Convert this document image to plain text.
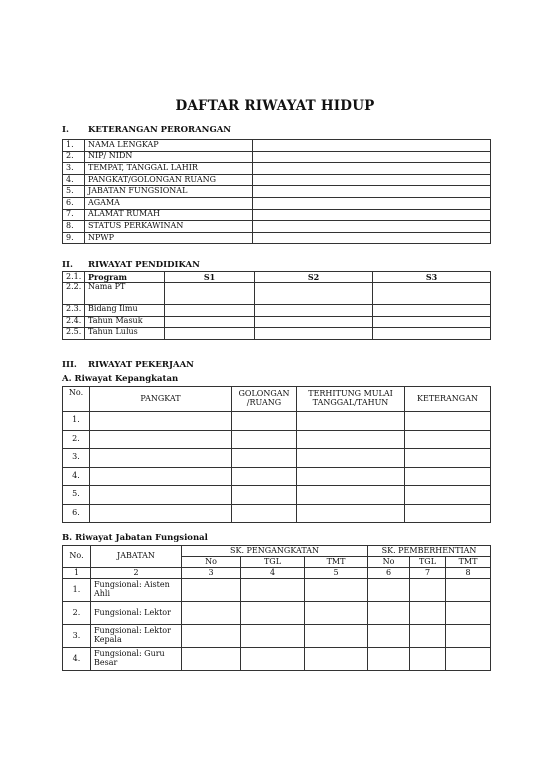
DAFTAR RIWAYAT HIDUP
I. KETERANGAN PERORANGAN
1.	NAMA LENGKAP	
2.	NIP/ NIDN	
3.	TEMPAT, TANGGAL LAHIR	
4.	PANGKAT/GOLONGAN RUANG	
5.	JABATAN FUNGSIONAL	
6.	AGAMA	
7.	ALAMAT RUMAH	
8.	STATUS PERKAWINAN	
9.	NPWP	
II. RIWAYAT PENDIDIKAN
2.1.	Program	S1	S2	S3
2.2.	Nama PT			
2.3.	Bidang Ilmu			
2.4.	Tahun Masuk			
2.5.	Tahun Lulus			
III. RIWAYAT PEKERJAAN
A. Riwayat Kepangkatan
No.	PANGKAT	GOLONGAN /RUANG	TERHITUNG MULAI TANGGAL/TAHUN	KETERANGAN
1.				
2.				
3.				
4.				
5.				
6.				
B. Riwayat Jabatan Fungsional
No.	JABATAN	SK. PENGANGKATAN			SK. PEMBERHENTIAN		
		No	TGL	TMT	No	TGL	TMT
1	2	3	4	5	6	7	8
1.	Fungsional: Aisten Ahli						
2.	Fungsional: Lektor						
3.	Fungsional: Lektor Kepala						
4.	Fungsional: Guru Besar						
